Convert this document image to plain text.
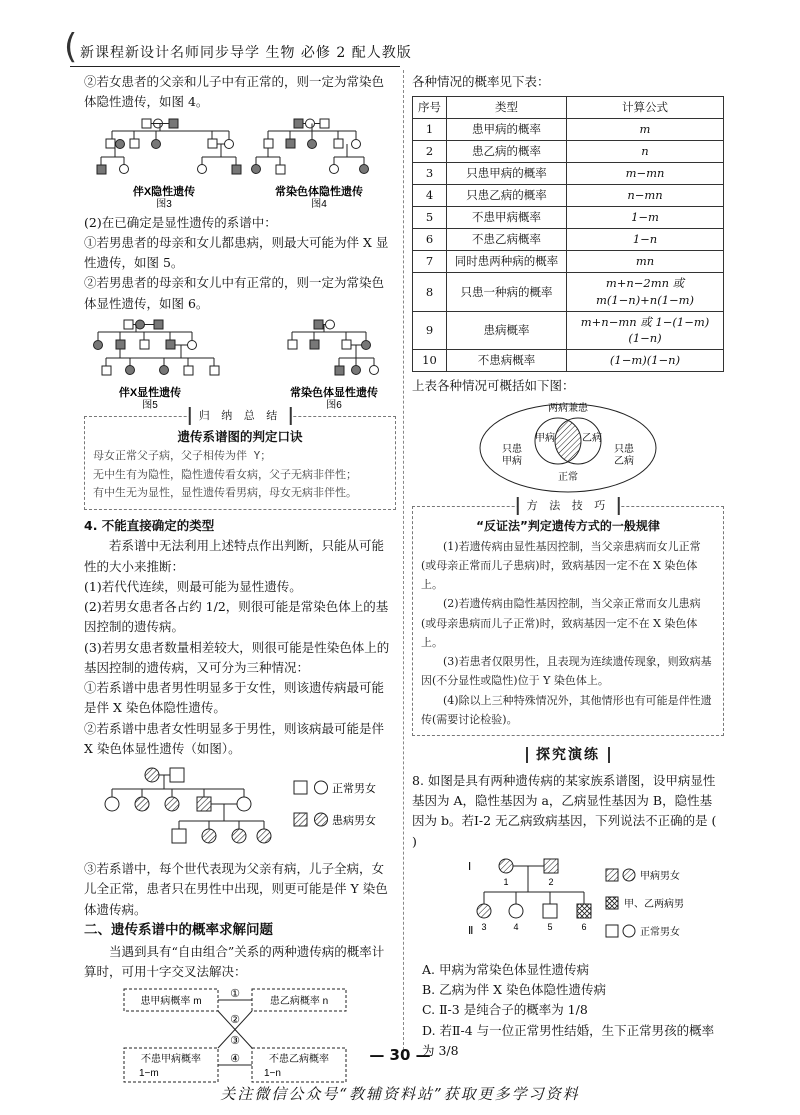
( 新课程新设计名师同步导学 生物 必修 2 配人教版

②若女患者的父亲和儿子中有正常的，则一定为常染色体隐性遗传，如图 4。

伴X隐性遗传
图3
常染色体隐性遗传
图4

(2)在已确定是显性遗传的系谱中：

①若男患者的母亲和女儿都患病，则最大可能为伴 X 显性遗传，如图 5。

②若男患者的母亲和女儿中有正常的，则一定为常染色体显性遗传，如图 6。

伴X显性遗传
图5
常染色体显性遗传
图6
归 纳 总 结
遗传系谱图的判定口诀
母女正常父子病，父子相传为伴 Y；
无中生有为隐性，隐性遗传看女病，父子无病非伴性；
有中生无为显性，显性遗传看男病，母女无病非伴性。

4. 不能直接确定的类型

若系谱中无法利用上述特点作出判断，只能从可能性的大小来推断：

(1)若代代连续，则最可能为显性遗传。

(2)若男女患者各占约 1/2，则很可能是常染色体上的基因控制的遗传病。

(3)若男女患者数量相差较大，则很可能是性染色体上的基因控制的遗传病，又可分为三种情况：

①若系谱中患者男性明显多于女性，则该遗传病最可能是伴 X 染色体隐性遗传。

②若系谱中患者女性明显多于男性，则该病最可能是伴 X 染色体显性遗传（如图）。

正常男女
患病男女

③若系谱中，每个世代表现为父亲有病，儿子全病，女儿全正常，患者只在男性中出现，则更可能是伴 Y 染色体遗传病。

二、遗传系谱中的概率求解问题

当遇到具有“自由组合”关系的两种遗传病的概率计算时，可用十字交叉法解决：

患甲病概率 m	患乙病概率 n
不患甲病概率
1−m
不患乙病概率
1−n
①
②
③
④

各种情况的概率见下表：

序号	类型	计算公式
1	患甲病的概率	m
2	患乙病的概率	n
3	只患甲病的概率	m−mn
4	只患乙病的概率	n−mn
5	不患甲病概率	1−m
6	不患乙病概率	1−n
7	同时患两种病的概率	mn
8	只患一种病的概率	m+n−2mn 或
m(1−n)+n(1−m)
9	患病概率	m+n−mn 或 1−(1−m)(1−n)
10	不患病概率	(1−m)(1−n)

上表各种情况可概括如下图：

两病兼患
甲病	乙病
只患
甲病
只患
乙病
正常
方 法 技 巧
“反证法”判定遗传方式的一般规律

(1)若遗传病由显性基因控制，当父亲患病而女儿正常(或母亲正常而儿子患病)时，致病基因一定不在 X 染色体上。

(2)若遗传病由隐性基因控制，当父亲正常而女儿患病(或母亲患病而儿子正常)时，致病基因一定不在 X 染色体上。

(3)若患者仅限男性，且表现为连续遗传现象，则致病基因(不分显性或隐性)位于 Y 染色体上。

(4)除以上三种特殊情况外，其他情形也有可能是伴性遗传(需要讨论检验)。

探究演练

8. 如图是具有两种遗传病的某家族系谱图，设甲病显性基因为 A，隐性基因为 a，乙病显性基因为 B，隐性基因为 b。若Ⅰ-2 无乙病致病基因，下列说法不正确的是 ( )

Ⅰ
Ⅱ
1	2
3	4	5	6
甲病男女
甲、乙两病男
正常男女

A. 甲病为常染色体显性遗传病

B. 乙病为伴 X 染色体隐性遗传病

C. Ⅱ-3 是纯合子的概率为 1/8

D. 若Ⅱ-4 与一位正常男性结婚，生下正常男孩的概率为 3/8

— 30 —
关注微信公众号“教辅资料站”获取更多学习资料
